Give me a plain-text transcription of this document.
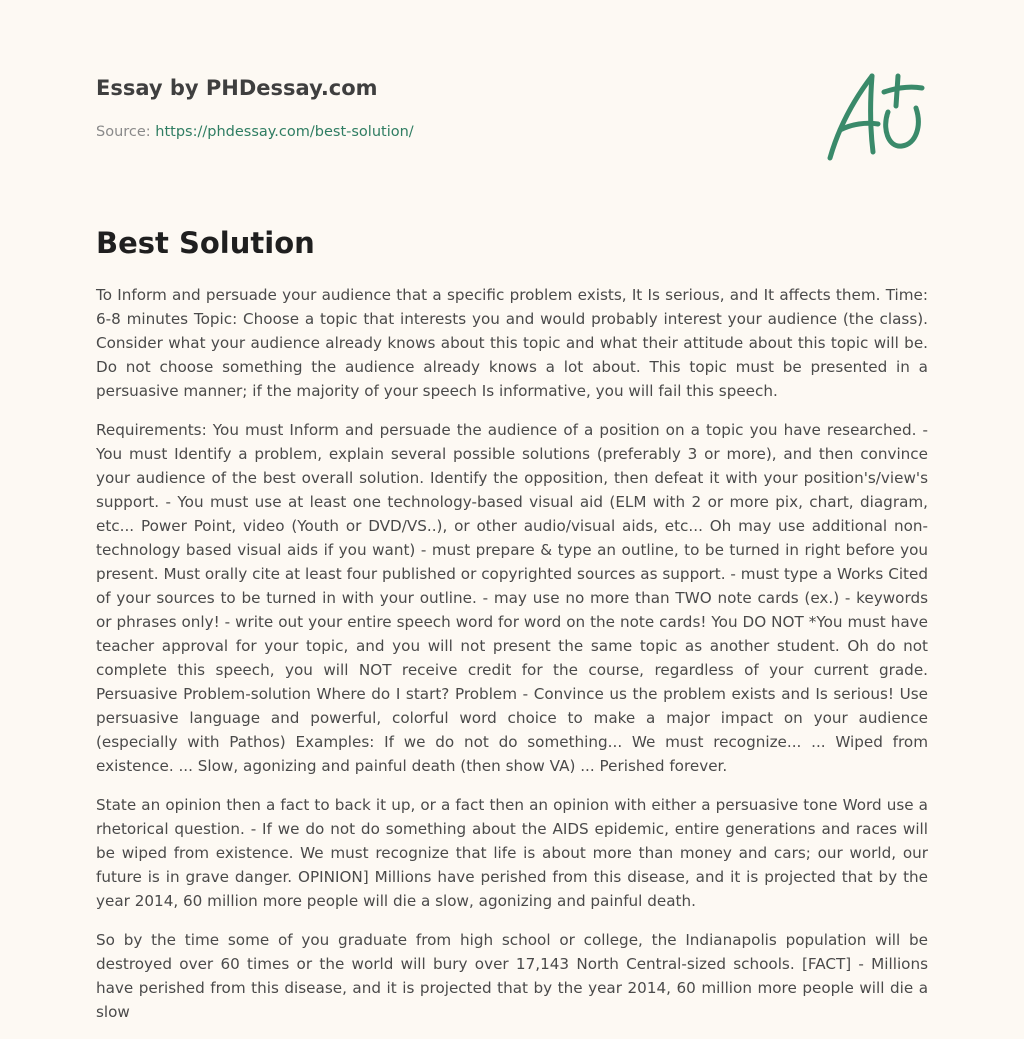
Essay by PHDessay.com
Source: https://phdessay.com/best-solution/
Best Solution

To Inform and persuade your audience that a specific problem exists, It Is serious, and It affects them. Time: 6-8 minutes Topic: Choose a topic that interests you and would probably interest your audience (the class). Consider what your audience already knows about this topic and what their attitude about this topic will be. Do not choose something the audience already knows a lot about. This topic must be presented in a persuasive manner; if the majority of your speech Is informative, you will fail this speech.

Requirements: You must Inform and persuade the audience of a position on a topic you have researched. - You must Identify a problem, explain several possible solutions (preferably 3 or more), and then convince your audience of the best overall solution. Identify the opposition, then defeat it with your position's/view's support. - You must use at least one technology-based visual aid (ELM with 2 or more pix, chart, diagram, etc... Power Point, video (Youth or DVD/VS..), or other audio/visual aids, etc... Oh may use additional non-technology based visual aids if you want) - must prepare & type an outline, to be turned in right before you present. Must orally cite at least four published or copyrighted sources as support. - must type a Works Cited of your sources to be turned in with your outline. - may use no more than TWO note cards (ex.) - keywords or phrases only! - write out your entire speech word for word on the note cards! You DO NOT *You must have teacher approval for your topic, and you will not present the same topic as another student. Oh do not complete this speech, you will NOT receive credit for the course, regardless of your current grade. Persuasive Problem-solution Where do I start? Problem - Convince us the problem exists and Is serious! Use persuasive language and powerful, colorful word choice to make a major impact on your audience (especially with Pathos) Examples: If we do not do something... We must recognize... ... Wiped from existence. ... Slow, agonizing and painful death (then show VA) ... Perished forever.

State an opinion then a fact to back it up, or a fact then an opinion with either a persuasive tone Word use a rhetorical question. - If we do not do something about the AIDS epidemic, entire generations and races will be wiped from existence. We must recognize that life is about more than money and cars; our world, our future is in grave danger. OPINION] Millions have perished from this disease, and it is projected that by the year 2014, 60 million more people will die a slow, agonizing and painful death.

So by the time some of you graduate from high school or college, the Indianapolis population will be destroyed over 60 times or the world will bury over 17,143 North Central-sized schools. [FACT] - Millions have perished from this disease, and it is projected that by the year 2014, 60 million more people will die a slow
